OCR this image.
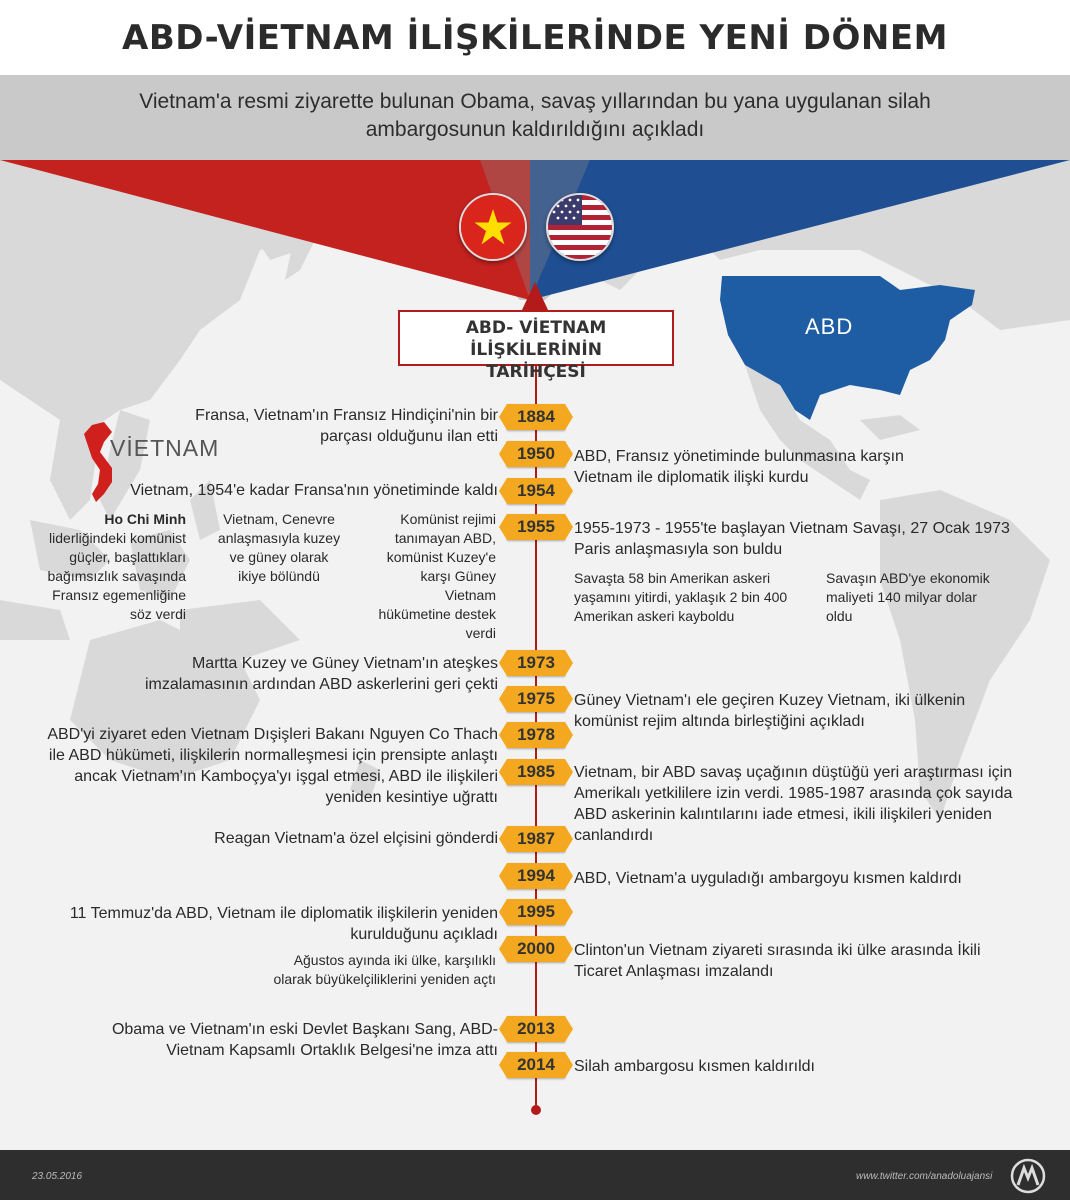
ABD-VİETNAM İLİŞKİLERİNDE YENİ DÖNEM
Vietnam'a resmi ziyarette bulunan Obama, savaş yıllarından bu yana uygulanan silah
ambargosunun kaldırıldığını açıkladı
ABD- VİETNAM İLİŞKİLERİNİN
TARİHÇESİ
ABD
VİETNAM
1884
1950
1954
1955
1973
1975
1978
1985
1987
1994
1995
2000
2013
2014
Fransa, Vietnam'ın Fransız Hindiçini'nin bir parçası olduğunu ilan etti
ABD, Fransız yönetiminde bulunmasına karşın Vietnam ile diplomatik ilişki kurdu
Vietnam, 1954'e kadar Fransa'nın yönetiminde kaldı
Ho Chi Minh liderliğindeki komünist güçler, başlattıkları bağımsızlık savaşında Fransız egemenliğine söz verdi
Vietnam, Cenevre anlaşmasıyla kuzey ve güney olarak ikiye bölündü
Komünist rejimi tanımayan ABD, komünist Kuzey'e karşı Güney Vietnam hükümetine destek verdi
1955-1973 - 1955'te başlayan Vietnam Savaşı, 27 Ocak 1973 Paris anlaşmasıyla son buldu
Savaşta 58 bin Amerikan askeri yaşamını yitirdi, yaklaşık 2 bin 400 Amerikan askeri kayboldu
Savaşın ABD'ye ekonomik maliyeti 140 milyar dolar oldu
Martta Kuzey ve Güney Vietnam'ın ateşkes imzalamasının ardından ABD askerlerini geri çekti
Güney Vietnam'ı ele geçiren Kuzey Vietnam, iki ülkenin komünist rejim altında birleştiğini açıkladı
ABD'yi ziyaret eden Vietnam Dışişleri Bakanı Nguyen Co Thach ile ABD hükümeti, ilişkilerin normalleşmesi için prensipte anlaştı ancak Vietnam'ın Kamboçya'yı işgal etmesi, ABD ile ilişkileri yeniden kesintiye uğrattı
Vietnam, bir ABD savaş uçağının düştüğü yeri araştırması için Amerikalı yetkililere izin verdi. 1985-1987 arasında çok sayıda ABD askerinin kalıntılarını iade etmesi, ikili ilişkileri yeniden canlandırdı
Reagan Vietnam'a özel elçisini gönderdi
ABD, Vietnam'a uyguladığı ambargoyu kısmen kaldırdı
11 Temmuz'da ABD, Vietnam ile diplomatik ilişkilerin yeniden kurulduğunu açıkladı
Ağustos ayında iki ülke, karşılıklı olarak büyükelçiliklerini yeniden açtı
Clinton'un Vietnam ziyareti sırasında iki ülke arasında İkili Ticaret Anlaşması imzalandı
Obama ve Vietnam'ın eski Devlet Başkanı Sang, ABD-Vietnam Kapsamlı Ortaklık Belgesi'ne imza attı
Silah ambargosu kısmen kaldırıldı
23.05.2016	www.twitter.com/anadoluajansi
